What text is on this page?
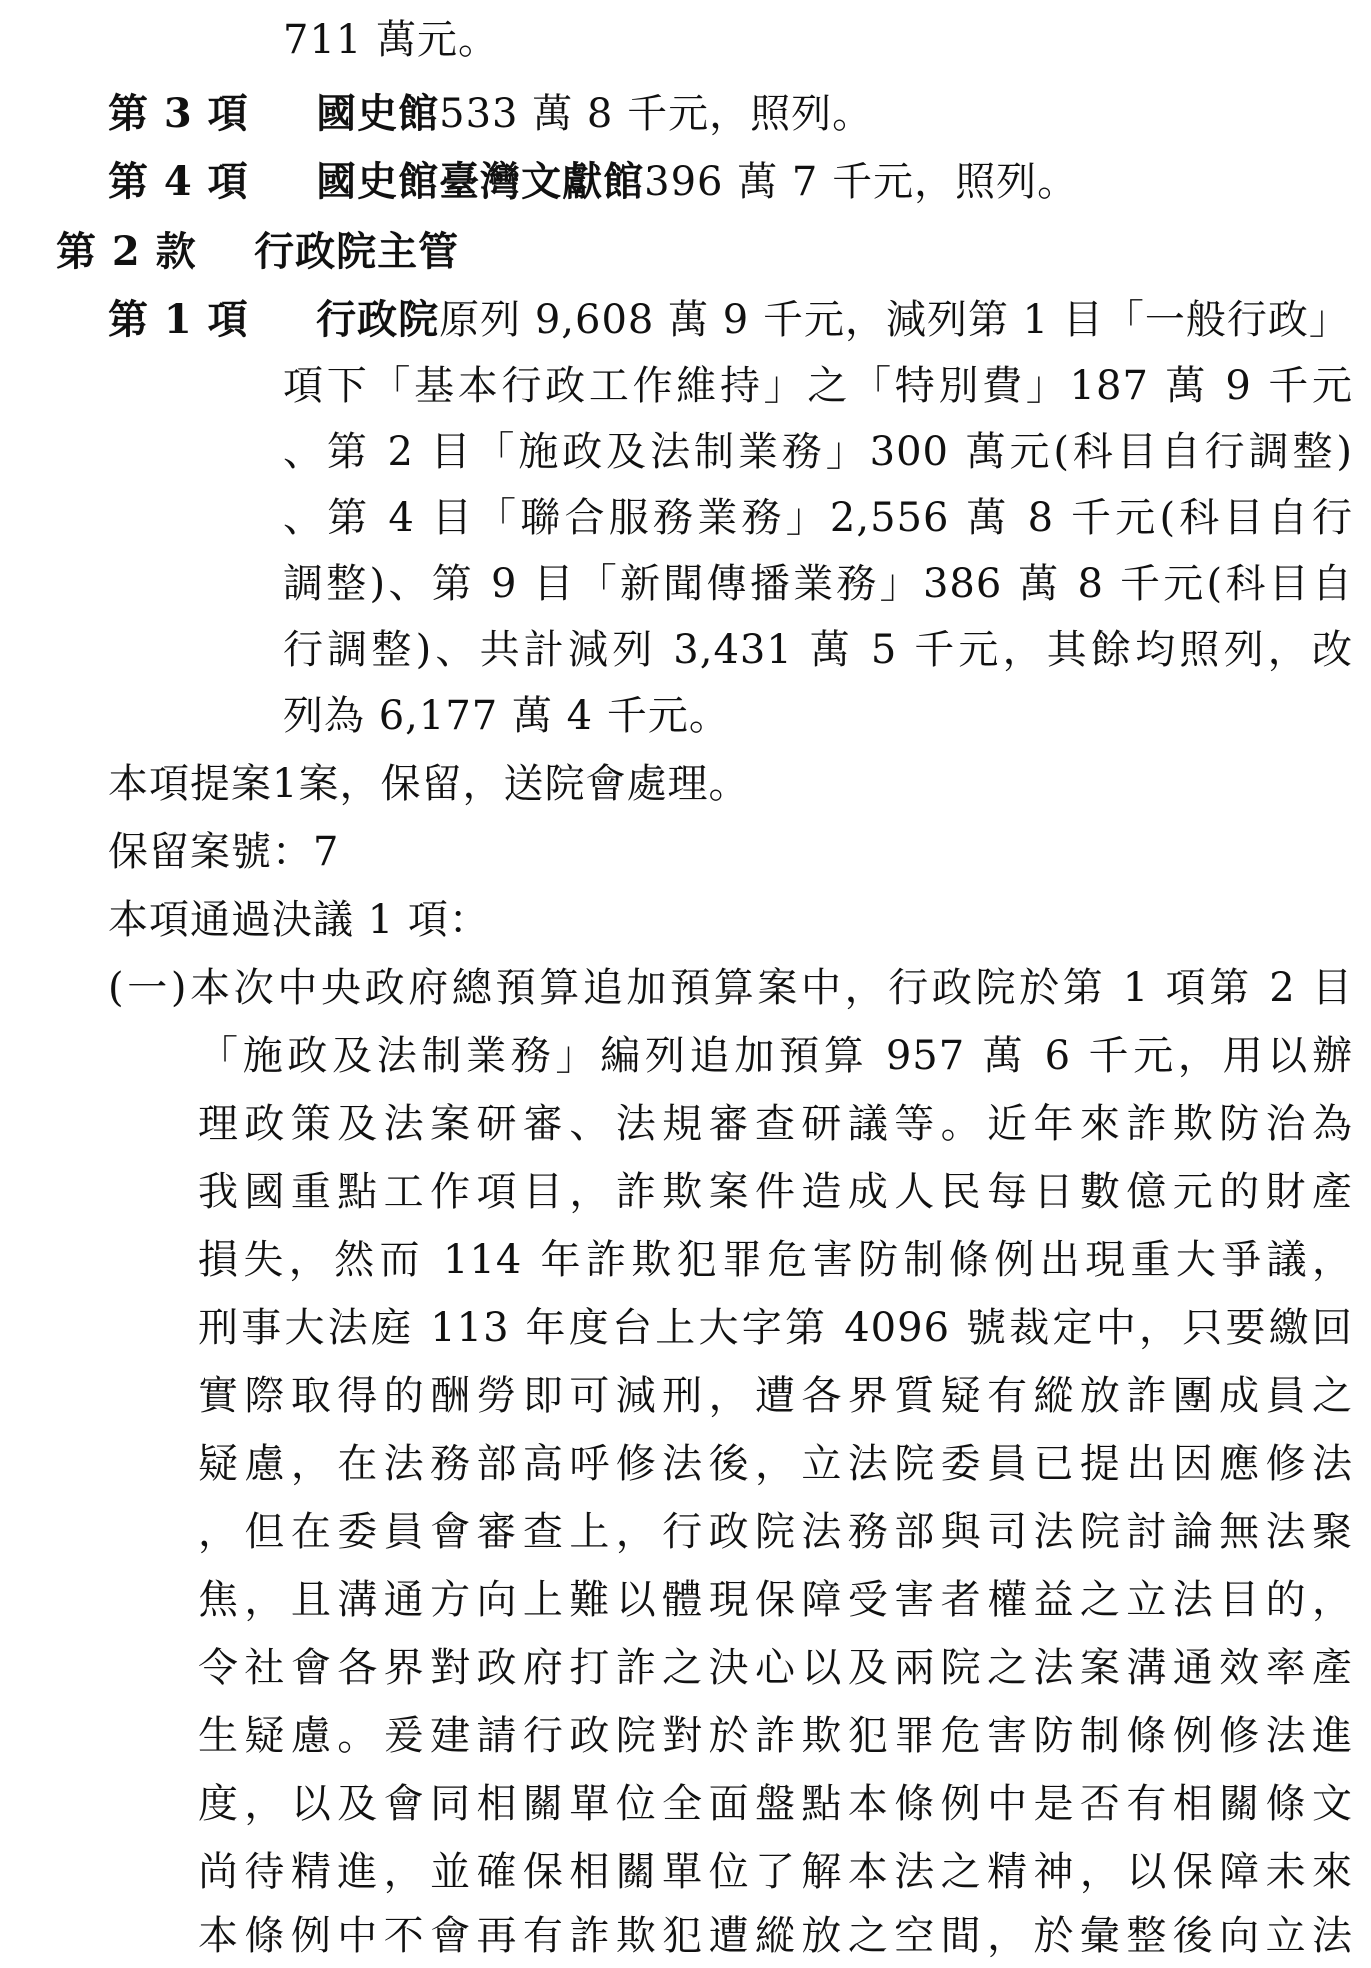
711 萬元。
第 3 項 國史館533 萬 8 千元，照列。
第 4 項 國史館臺灣文獻館396 萬 7 千元，照列。
第 2 款 行政院主管
第 1 項 行政院原列 9,608 萬 9 千元，減列第 1 目「一般行政」
項下「基本行政工作維持」之「特別費」187 萬 9 千元
、第 2 目「施政及法制業務」300 萬元(科目自行調整)
、第 4 目「聯合服務業務」2,556 萬 8 千元(科目自行
調整)、第 9 目「新聞傳播業務」386 萬 8 千元(科目自
行調整)、共計減列 3,431 萬 5 千元，其餘均照列，改
列為 6,177 萬 4 千元。
本項提案1案，保留，送院會處理。
保留案號：7
本項通過決議 1 項：
(一)本次中央政府總預算追加預算案中，行政院於第 1 項第 2 目
「施政及法制業務」編列追加預算 957 萬 6 千元，用以辦
理政策及法案研審、法規審查研議等。近年來詐欺防治為
我國重點工作項目，詐欺案件造成人民每日數億元的財產
損失，然而 114 年詐欺犯罪危害防制條例出現重大爭議，
刑事大法庭 113 年度台上大字第 4096 號裁定中，只要繳回
實際取得的酬勞即可減刑，遭各界質疑有縱放詐團成員之
疑慮，在法務部高呼修法後，立法院委員已提出因應修法
，但在委員會審查上，行政院法務部與司法院討論無法聚
焦，且溝通方向上難以體現保障受害者權益之立法目的，
令社會各界對政府打詐之決心以及兩院之法案溝通效率產
生疑慮。爰建請行政院對於詐欺犯罪危害防制條例修法進
度，以及會同相關單位全面盤點本條例中是否有相關條文
尚待精進，並確保相關單位了解本法之精神，以保障未來
本條例中不會再有詐欺犯遭縱放之空間，於彙整後向立法
